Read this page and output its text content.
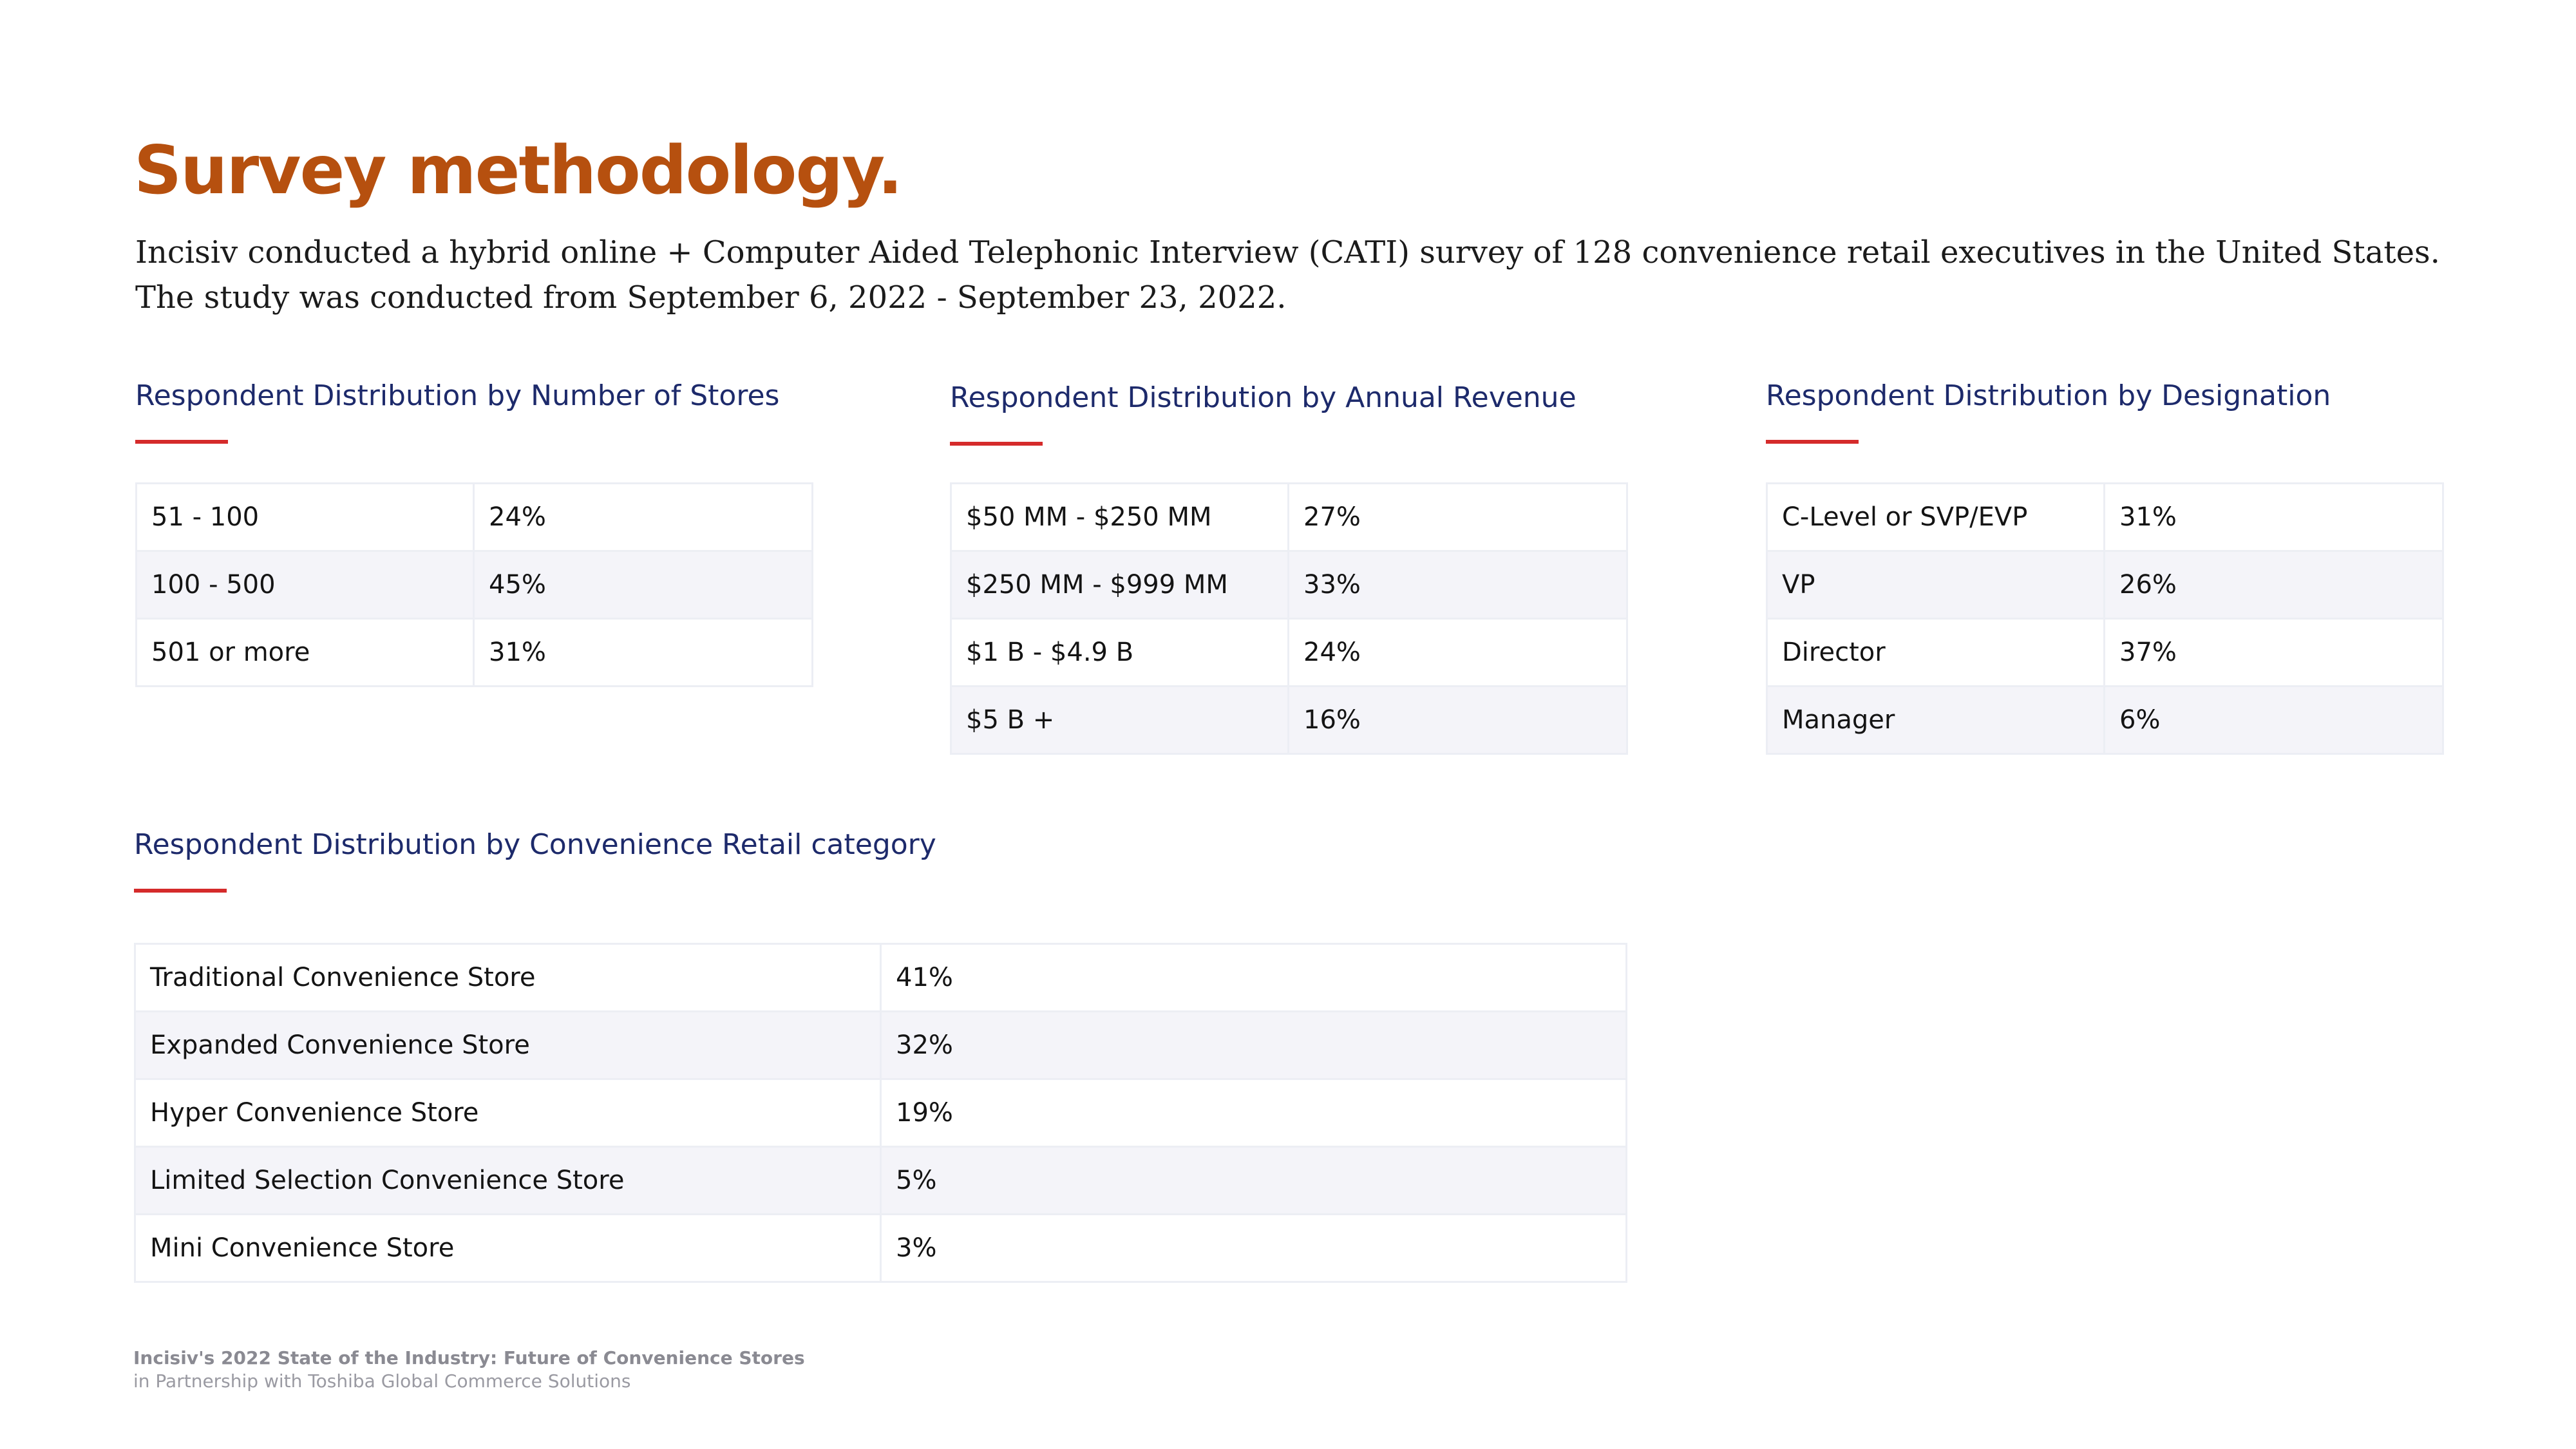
Survey methodology.

Incisiv conducted a hybrid online + Computer Aided Telephonic Interview (CATI) survey of 128 convenience retail executives in the United States. The study was conducted from September 6, 2022 - September 23, 2022.

Respondent Distribution by Number of Stores
51 - 100	24%
100 - 500	45%
501 or more	31%
Respondent Distribution by Annual Revenue
$50 MM - $250 MM	27%
$250 MM - $999 MM	33%
$1 B - $4.9 B	24%
$5 B +	16%
Respondent Distribution by Designation
C-Level or SVP/EVP	31%
VP	26%
Director	37%
Manager	6%
Respondent Distribution by Convenience Retail category
Traditional Convenience Store	41%
Expanded Convenience Store	32%
Hyper Convenience Store	19%
Limited Selection Convenience Store	5%
Mini Convenience Store	3%
Incisiv's 2022 State of the Industry: Future of Convenience Stores
in Partnership with Toshiba Global Commerce Solutions
